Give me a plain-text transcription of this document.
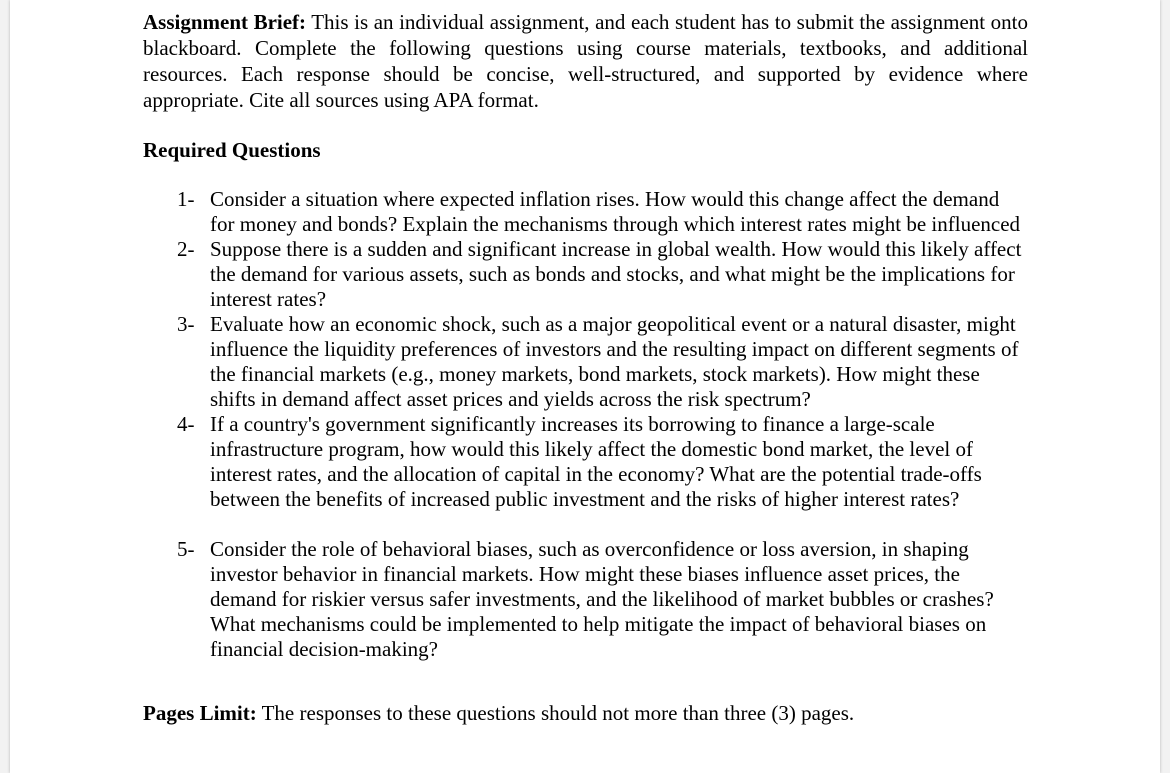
Assignment Brief: This is an individual assignment, and each student has to submit the assignment onto blackboard. Complete the following questions using course materials, textbooks, and additional resources. Each response should be concise, well-structured, and supported by evidence where appropriate. Cite all sources using APA format.

Required Questions
1- Consider a situation where expected inflation rises. How would this change affect the demand for money and bonds? Explain the mechanisms through which interest rates might be influenced
2- Suppose there is a sudden and significant increase in global wealth. How would this likely affect the demand for various assets, such as bonds and stocks, and what might be the implications for interest rates?
3- Evaluate how an economic shock, such as a major geopolitical event or a natural disaster, might influence the liquidity preferences of investors and the resulting impact on different segments of the financial markets (e.g., money markets, bond markets, stock markets). How might these shifts in demand affect asset prices and yields across the risk spectrum?
4- If a country's government significantly increases its borrowing to finance a large-scale infrastructure program, how would this likely affect the domestic bond market, the level of interest rates, and the allocation of capital in the economy? What are the potential trade-offs between the benefits of increased public investment and the risks of higher interest rates?
5- Consider the role of behavioral biases, such as overconfidence or loss aversion, in shaping investor behavior in financial markets. How might these biases influence asset prices, the demand for riskier versus safer investments, and the likelihood of market bubbles or crashes? What mechanisms could be implemented to help mitigate the impact of behavioral biases on financial decision-making?

Pages Limit: The responses to these questions should not more than three (3) pages.
